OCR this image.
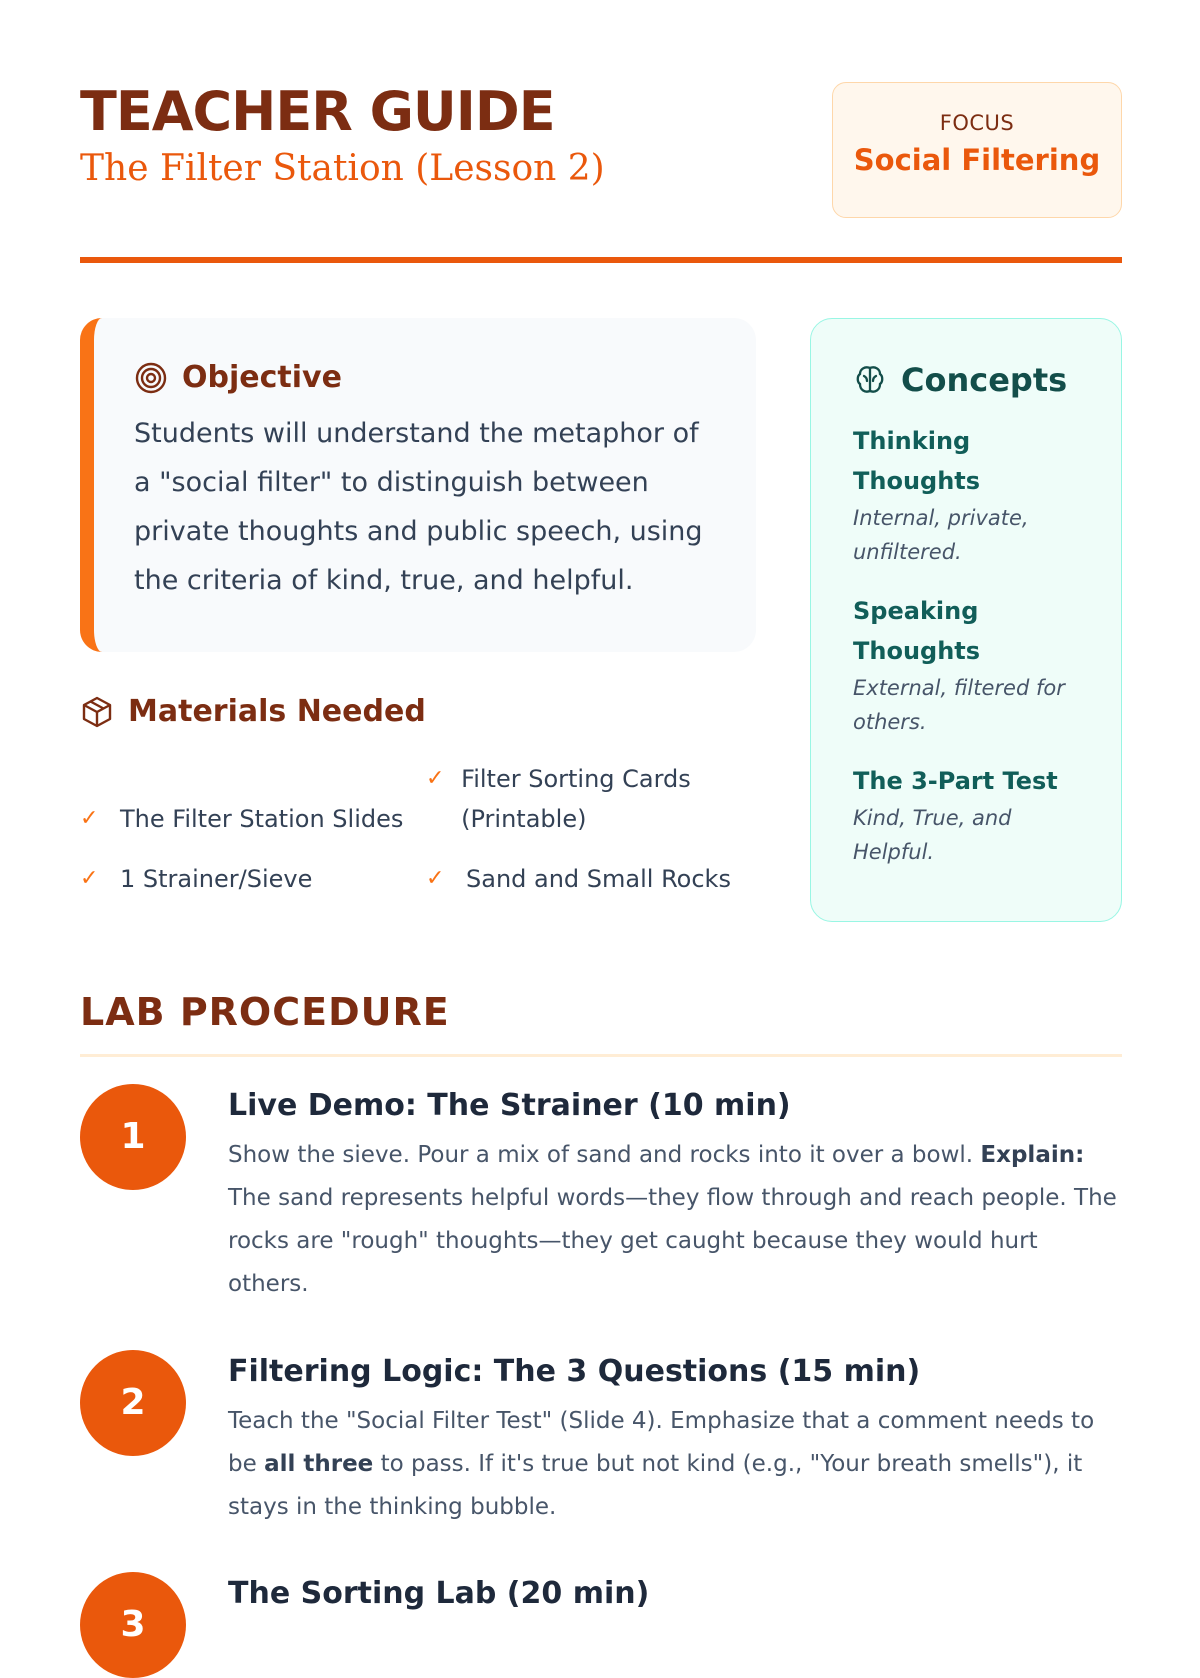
TEACHER GUIDE
The Filter Station (Lesson 2)
FOCUS
Social Filtering
Objective
Students will understand the metaphor of a "social filter" to distinguish between private thoughts and public speech, using the criteria of kind, true, and helpful.
Materials Needed
✓ The Filter Station Slides
✓ Filter Sorting Cards (Printable)
✓ 1 Strainer/Sieve	✓ Sand and Small Rocks
Concepts
Thinking Thoughts
Internal, private, unfiltered.
Speaking Thoughts
External, filtered for others.
The 3-Part Test
Kind, True, and Helpful.
LAB PROCEDURE
1
Live Demo: The Strainer (10 min)
Show the sieve. Pour a mix of sand and rocks into it over a bowl. Explain: The sand represents helpful words—they flow through and reach people. The rocks are "rough" thoughts—they get caught because they would hurt others.
2
Filtering Logic: The 3 Questions (15 min)
Teach the "Social Filter Test" (Slide 4). Emphasize that a comment needs to be all three to pass. If it's true but not kind (e.g., "Your breath smells"), it stays in the thinking bubble.
3
The Sorting Lab (20 min)
